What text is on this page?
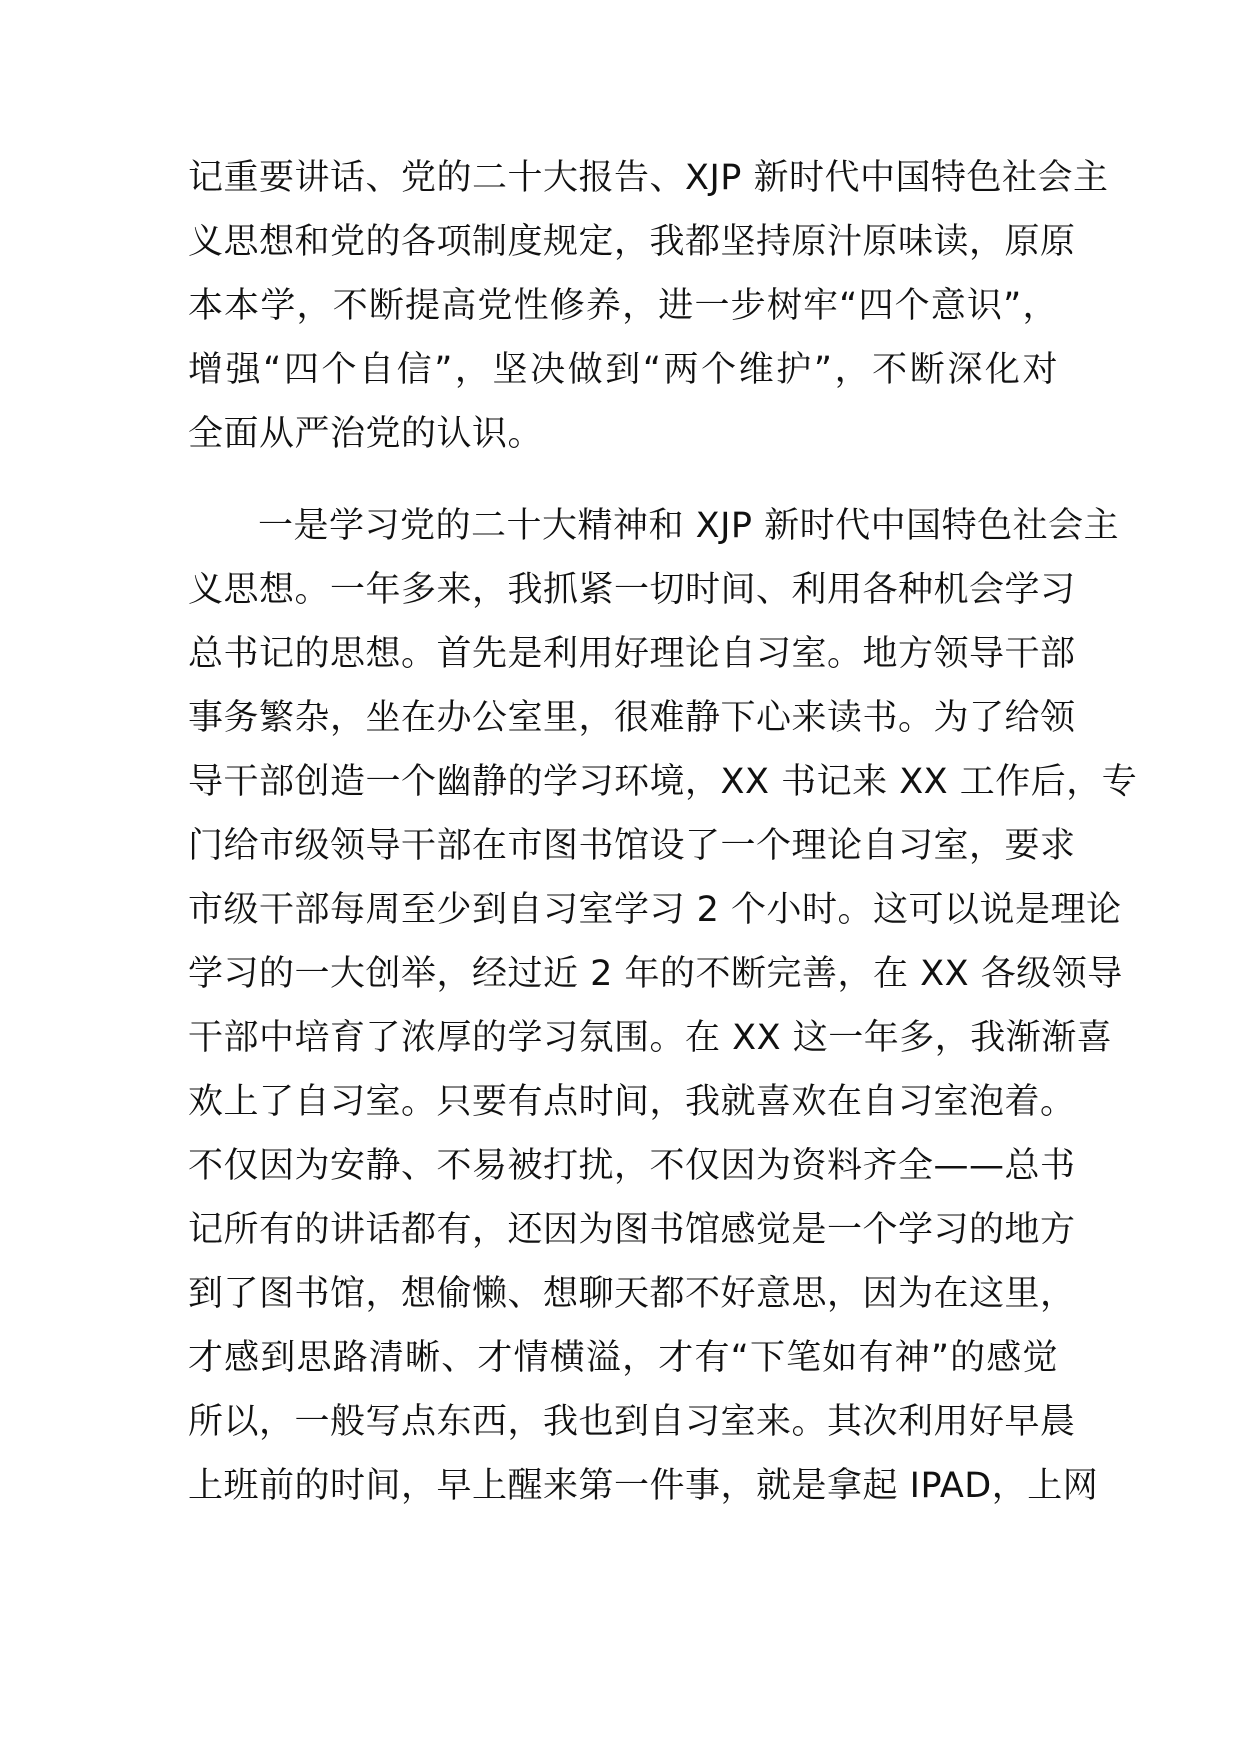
记重要讲话、党的二十大报告、XJP 新时代中国特色社会主
义思想和党的各项制度规定，我都坚持原汁原味读，原原
本本学，不断提高党性修养，进一步树牢“四个意识”，
增强“四个自信”，坚决做到“两个维护”，不断深化对
全面从严治党的认识。
一是学习党的二十大精神和 XJP 新时代中国特色社会主
义思想。一年多来，我抓紧一切时间、利用各种机会学习
总书记的思想。首先是利用好理论自习室。地方领导干部
事务繁杂，坐在办公室里，很难静下心来读书。为了给领
导干部创造一个幽静的学习环境，XX 书记来 XX 工作后，专
门给市级领导干部在市图书馆设了一个理论自习室，要求
市级干部每周至少到自习室学习 2 个小时。这可以说是理论
学习的一大创举，经过近 2 年的不断完善，在 XX 各级领导
干部中培育了浓厚的学习氛围。在 XX 这一年多，我渐渐喜
欢上了自习室。只要有点时间，我就喜欢在自习室泡着。
不仅因为安静、不易被打扰，不仅因为资料齐全——总书
记所有的讲话都有，还因为图书馆感觉是一个学习的地方
到了图书馆，想偷懒、想聊天都不好意思，因为在这里，
才感到思路清晰、才情横溢，才有“下笔如有神”的感觉
所以，一般写点东西，我也到自习室来。其次利用好早晨
上班前的时间，早上醒来第一件事，就是拿起 IPAD，上网
